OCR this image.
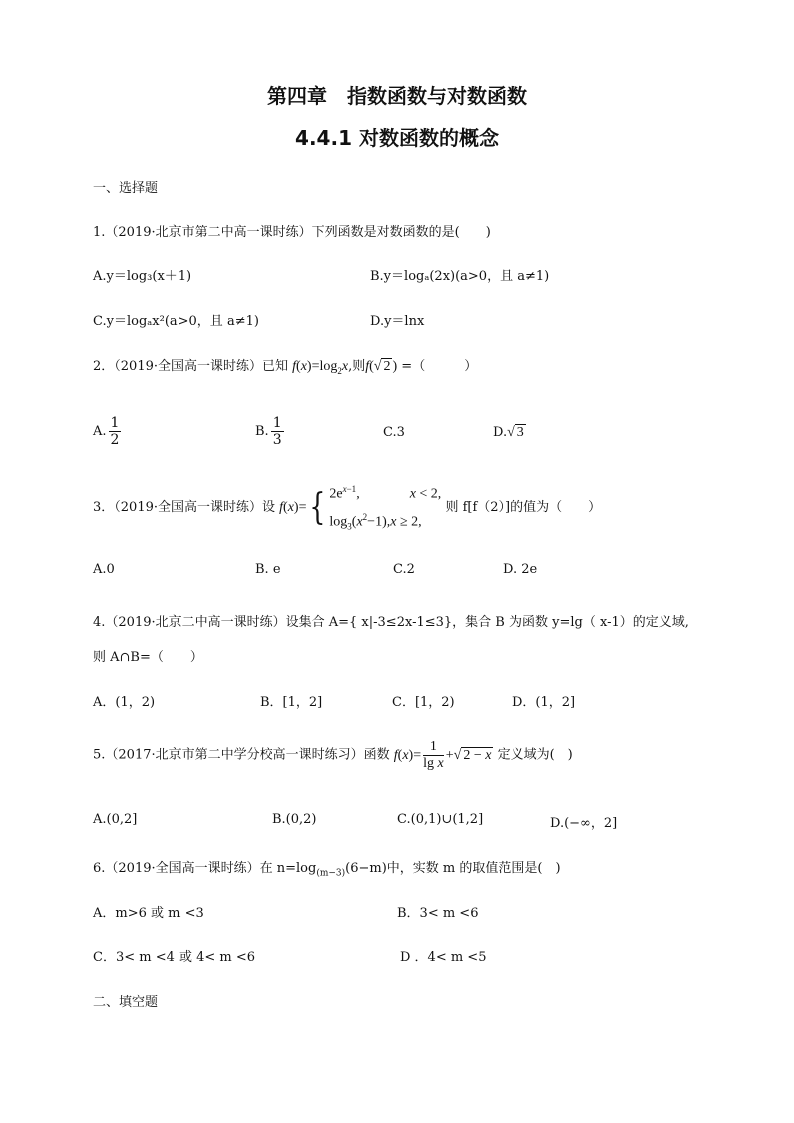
第四章　指数函数与对数函数
4.4.1 对数函数的概念
一、选择题
1.（2019·北京市第二中高一课时练）下列函数是对数函数的是(　　)
A.y＝log₃(x＋1)	B.y＝logₐ(2x)(a>0，且 a≠1)
C.y＝logₐx²(a>0，且 a≠1)	D.y＝lnx
2．（2019·全国高一课时练）已知 $f(x)=\log_2x$,则f(√ 2 ) =（　　　）
A. $\frac{1}{2}$	B. $\frac{1}{3}$	C.3	D.√ 3
3．（2019·全国高一课时练）设 f(x)={ $2e^{x-1}$,	x < 2,
$\log_3(x^2-1),x \ge 2$,
则 f[f（2）]的值为（　　）
A.0	B. e	C.2	D. 2e
4.（2019·北京二中高一课时练）设集合 A={ x|-3≤2x-1≤3}，集合 B 为函数 y=lg（ x-1）的定义域,
则 A∩B=（　　）
A．(1，2)	B．[1，2]	C．[1，2)	D．(1，2]
5.（2017·北京市第二中学分校高一课时练习）函数 $f(x)= \frac{1}{\text{lg x}}$ +√ 2 − x 定义域为(　)
A.(0,2]	B.(0,2)	C.(0,1)∪(1,2]	D.(−∞，2]
6.（2019·全国高一课时练）在 $n=\log_{(m-3)}(6-m)$中，实数 m 的取值范围是(　)
A．m>6 或 m <3	B．3< m <6
C．3< m <4 或 4< m <6	D ．4< m <5
二、填空题
